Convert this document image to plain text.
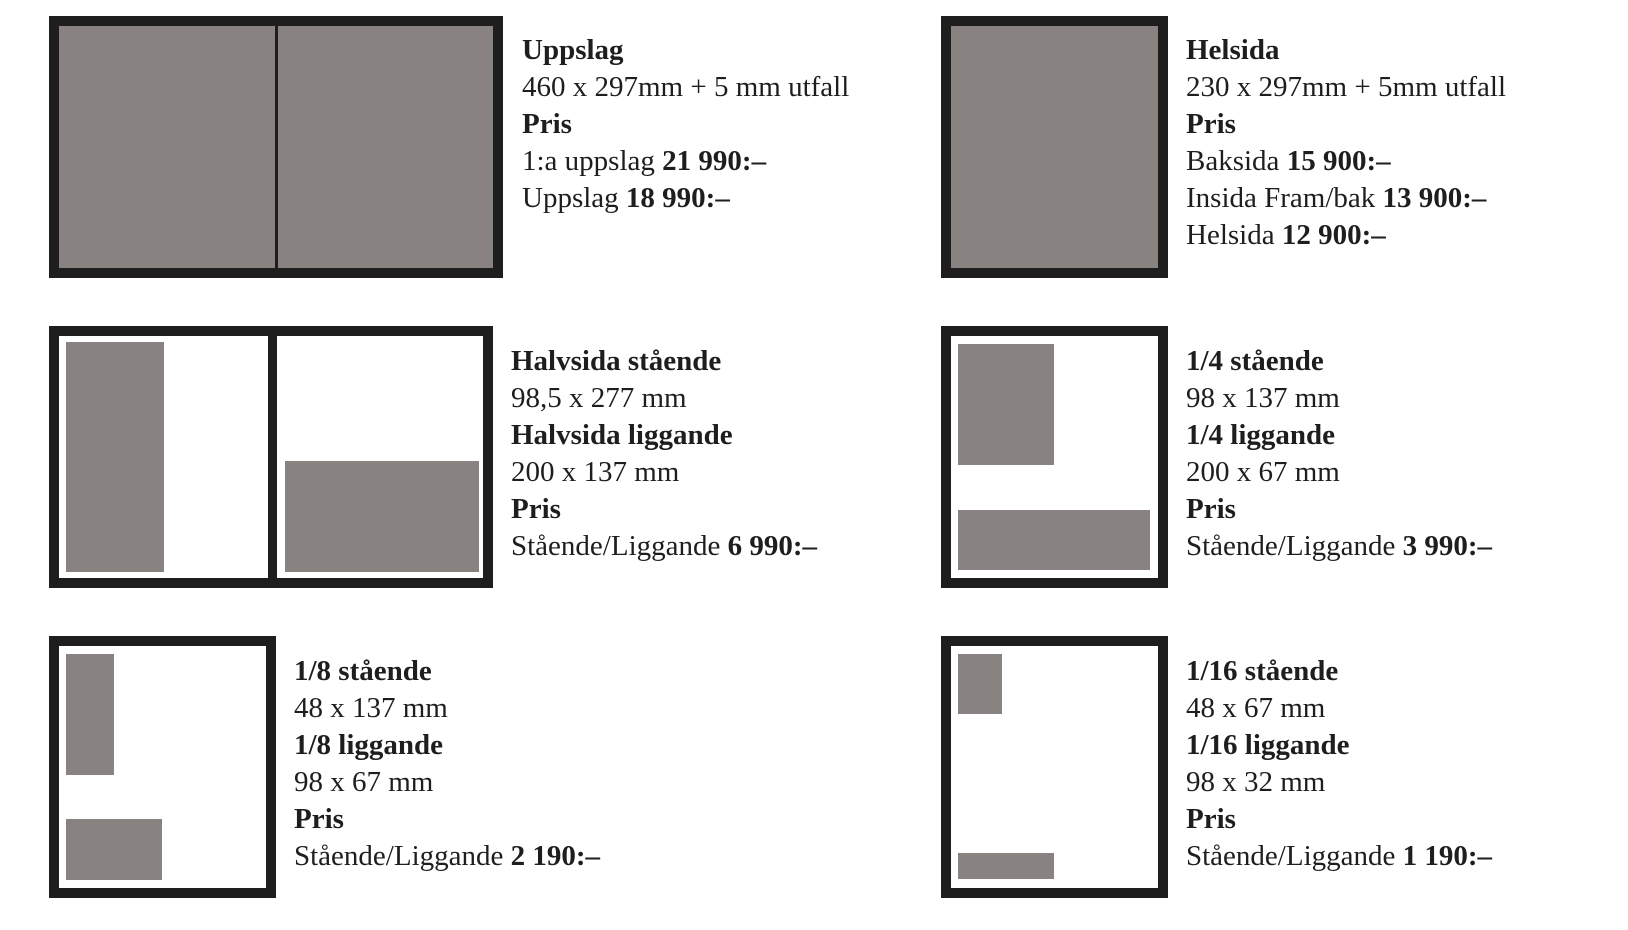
Uppslag
460 x 297mm + 5 mm utfall
Pris
1:a uppslag 21 990:–
Uppslag 18 990:–
Helsida
230 x 297mm + 5mm utfall
Pris
Baksida 15 900:–
Insida Fram/bak 13 900:–
Helsida 12 900:–
Halvsida stående
98,5 x 277 mm
Halvsida liggande
200 x 137 mm
Pris
Stående/Liggande 6 990:–
1/4 stående
98 x 137 mm
1/4 liggande
200 x 67 mm
Pris
Stående/Liggande 3 990:–
1/8 stående
48 x 137 mm
1/8 liggande
98 x 67 mm
Pris
Stående/Liggande 2 190:–
1/16 stående
48 x 67 mm
1/16 liggande
98 x 32 mm
Pris
Stående/Liggande 1 190:–
